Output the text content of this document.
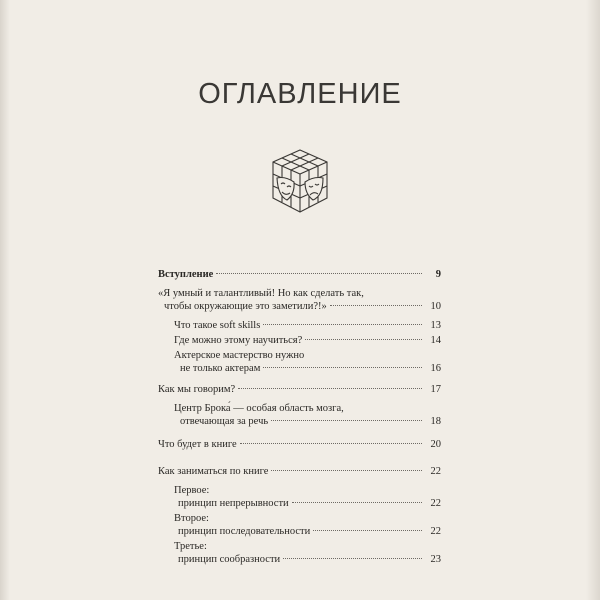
ОГЛАВЛЕНИЕ
Вступление	9
«Я умный и талантливый! Но как сделать так,
чтобы окружающие это заметили?!»	10
Что такое soft skills	13
Где можно этому научиться?	14
Актерское мастерство нужно
не только актерам	16
Как мы говорим?	17
Центр Брока́ — особая область мозга,
отвечающая за речь	18
Что будет в книге	20
Как заниматься по книге	22
Первое:
принцип непрерывности	22
Второе:
принцип последовательности	22
Третье:
принцип сообразности	23
